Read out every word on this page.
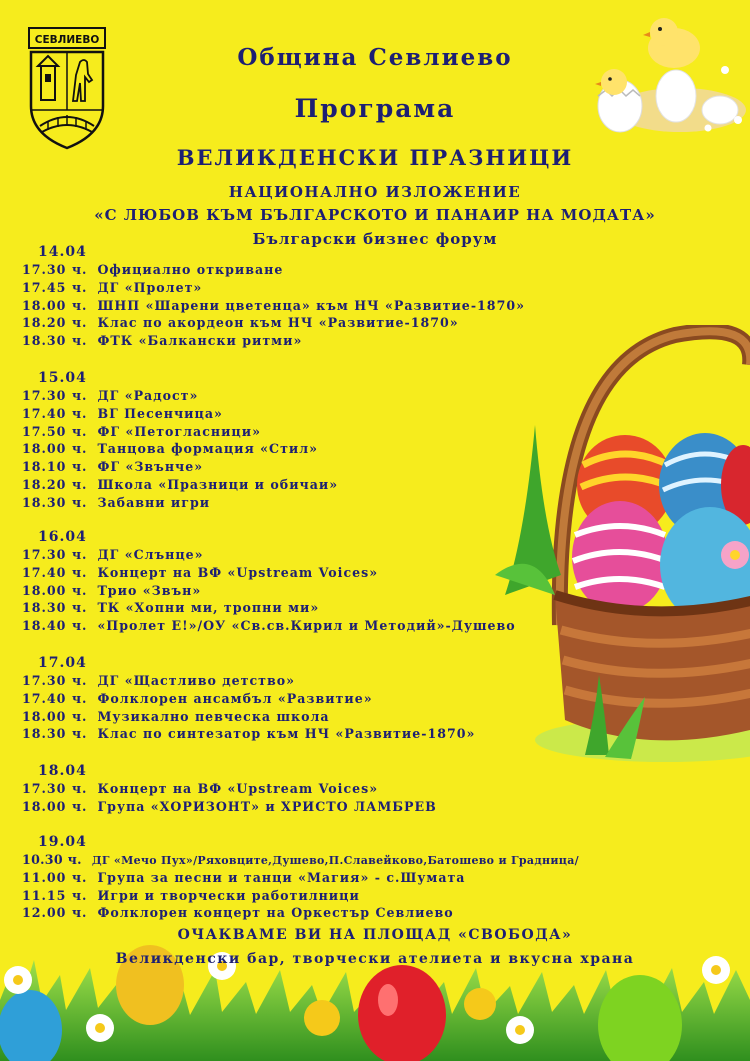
СЕВЛИЕВО
Община Севлиево
Програма
ВЕЛИКДЕНСКИ ПРАЗНИЦИ
НАЦИОНАЛНО ИЗЛОЖЕНИЕ
«С ЛЮБОВ КЪМ БЪЛГАРСКОТО И ПАНАИР НА МОДАТА»
Български бизнес форум
14.04
17.30 ч. Официално откриване
17.45 ч. ДГ «Пролет»
18.00 ч. ШНП «Шарени цветенца» към НЧ «Развитие-1870»
18.20 ч. Клас по акордеон към НЧ «Развитие-1870»
18.30 ч. ФТК «Балкански ритми»
15.04
17.30 ч. ДГ «Радост»
17.40 ч. ВГ Песенчица»
17.50 ч. ФГ «Петогласници»
18.00 ч. Танцова формация «Стил»
18.10 ч. ФГ «Звънче»
18.20 ч. Школа «Празници и обичаи»
18.30 ч. Забавни игри
16.04
17.30 ч. ДГ «Слънце»
17.40 ч. Концерт на ВФ «Upstream Voices»
18.00 ч. Трио «Звън»
18.30 ч. ТК «Хопни ми, тропни ми»
18.40 ч. «Пролет Е!»/ОУ «Св.св.Кирил и Методий»-Душево
17.04
17.30 ч. ДГ «Щастливо детство»
17.40 ч. Фолклорен ансамбъл «Развитие»
18.00 ч. Музикално певческа школа
18.30 ч. Клас по синтезатор към НЧ «Развитие-1870»
18.04
17.30 ч. Концерт на ВФ «Upstream Voices»
18.00 ч. Група «ХОРИЗОНТ» и ХРИСТО ЛАМБРЕВ
19.04
10.30 ч. ДГ «Мечо Пух»/Ряховците,Душево,П.Славейково,Батошево и Градница/
11.00 ч. Група за песни и танци «Магия» - с.Шумата
11.15 ч. Игри и творчески работилници
12.00 ч. Фолклорен концерт на Оркестър Севлиево
ОЧАКВАМЕ ВИ НА ПЛОЩАД «СВОБОДА»
Великденски бар, творчески ателиета и вкусна храна
